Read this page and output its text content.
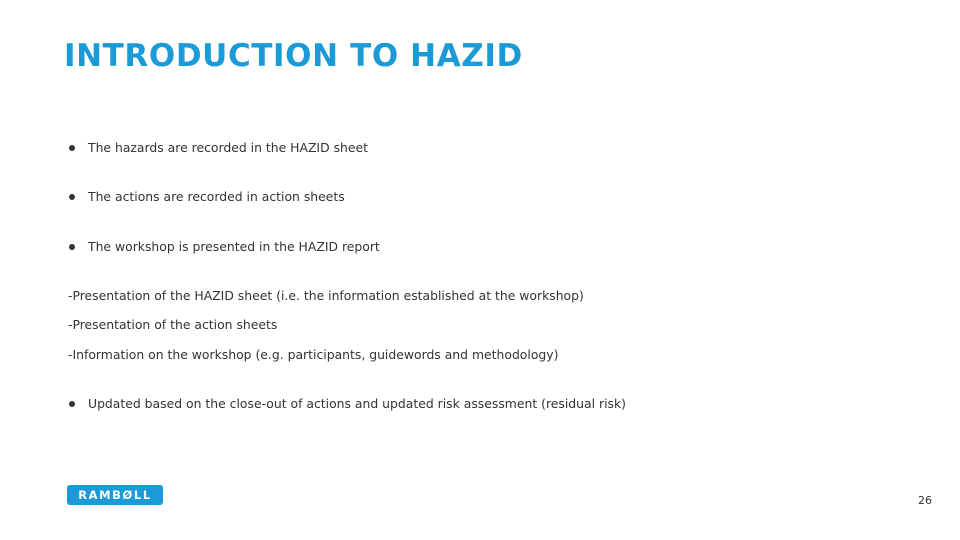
INTRODUCTION TO HAZID
The hazards are recorded in the HAZID sheet
The actions are recorded in action sheets
The workshop is presented in the HAZID report
-Presentation of the HAZID sheet (i.e. the information established at the workshop)
-Presentation of the action sheets
-Information on the workshop (e.g. participants, guidewords and methodology)
Updated based on the close-out of actions and updated risk assessment (residual risk)
RAMBØLL	26
